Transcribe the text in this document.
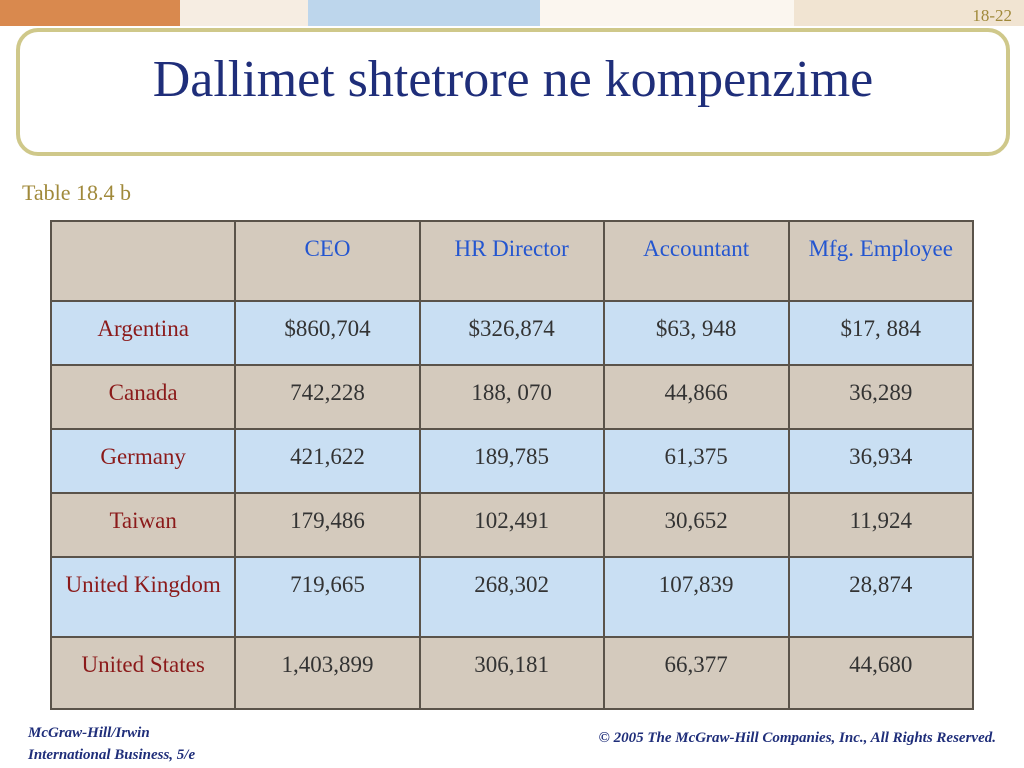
18-22
Dallimet shtetrore ne kompenzime
Table 18.4 b
	CEO	HR Director	Accountant	Mfg. Employee
Argentina	$860,704	$326,874	$63, 948	$17, 884
Canada	742,228	188, 070	44,866	36,289
Germany	421,622	189,785	61,375	36,934
Taiwan	179,486	102,491	30,652	11,924
United Kingdom	719,665	268,302	107,839	28,874
United States	1,403,899	306,181	66,377	44,680
McGraw-Hill/Irwin
International Business, 5/e
© 2005 The McGraw-Hill Companies, Inc., All Rights Reserved.
